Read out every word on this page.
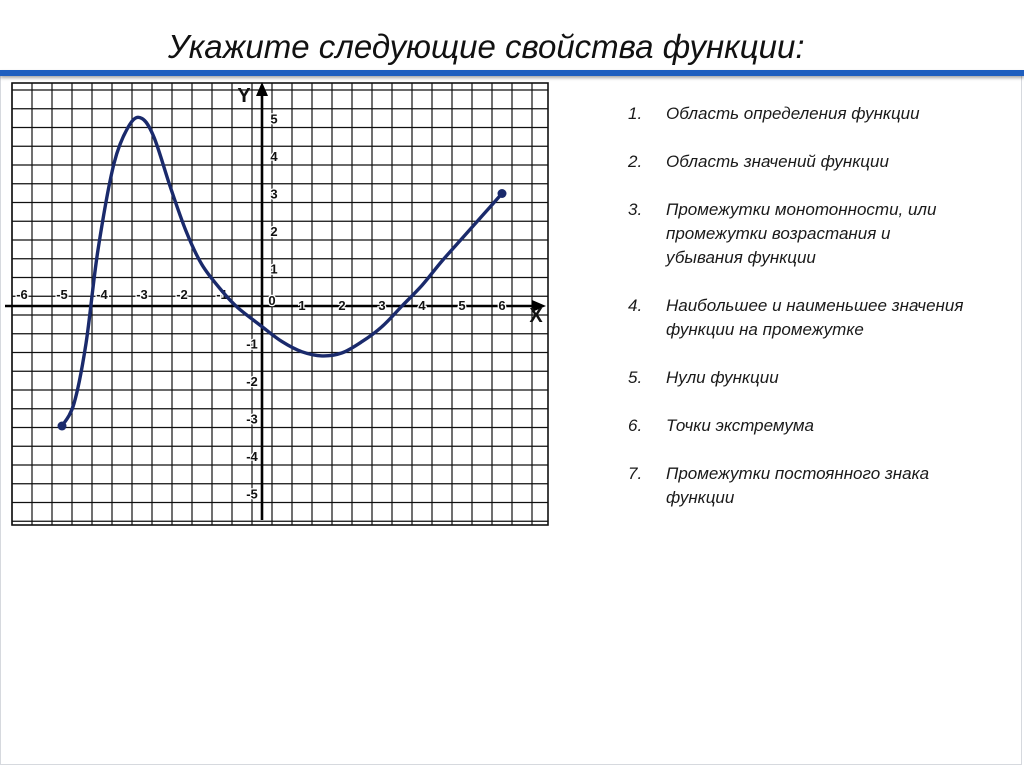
Укажите следующие свойства функции:
-6 -5 -4 -3 -2 -1	0 1	2	3	4	5	6
5
4
3
2
1
-1
-2
-3
-4
-5
X
Y
1.	Область определения функции
2.	Область значений функции
3.	Промежутки монотонности, или промежутки возрастания и убывания функции
4.	Наибольшее и наименьшее значения функции на промежутке
5.	Нули функции
6.	Точки экстремума
7.	Промежутки постоянного знака функции
